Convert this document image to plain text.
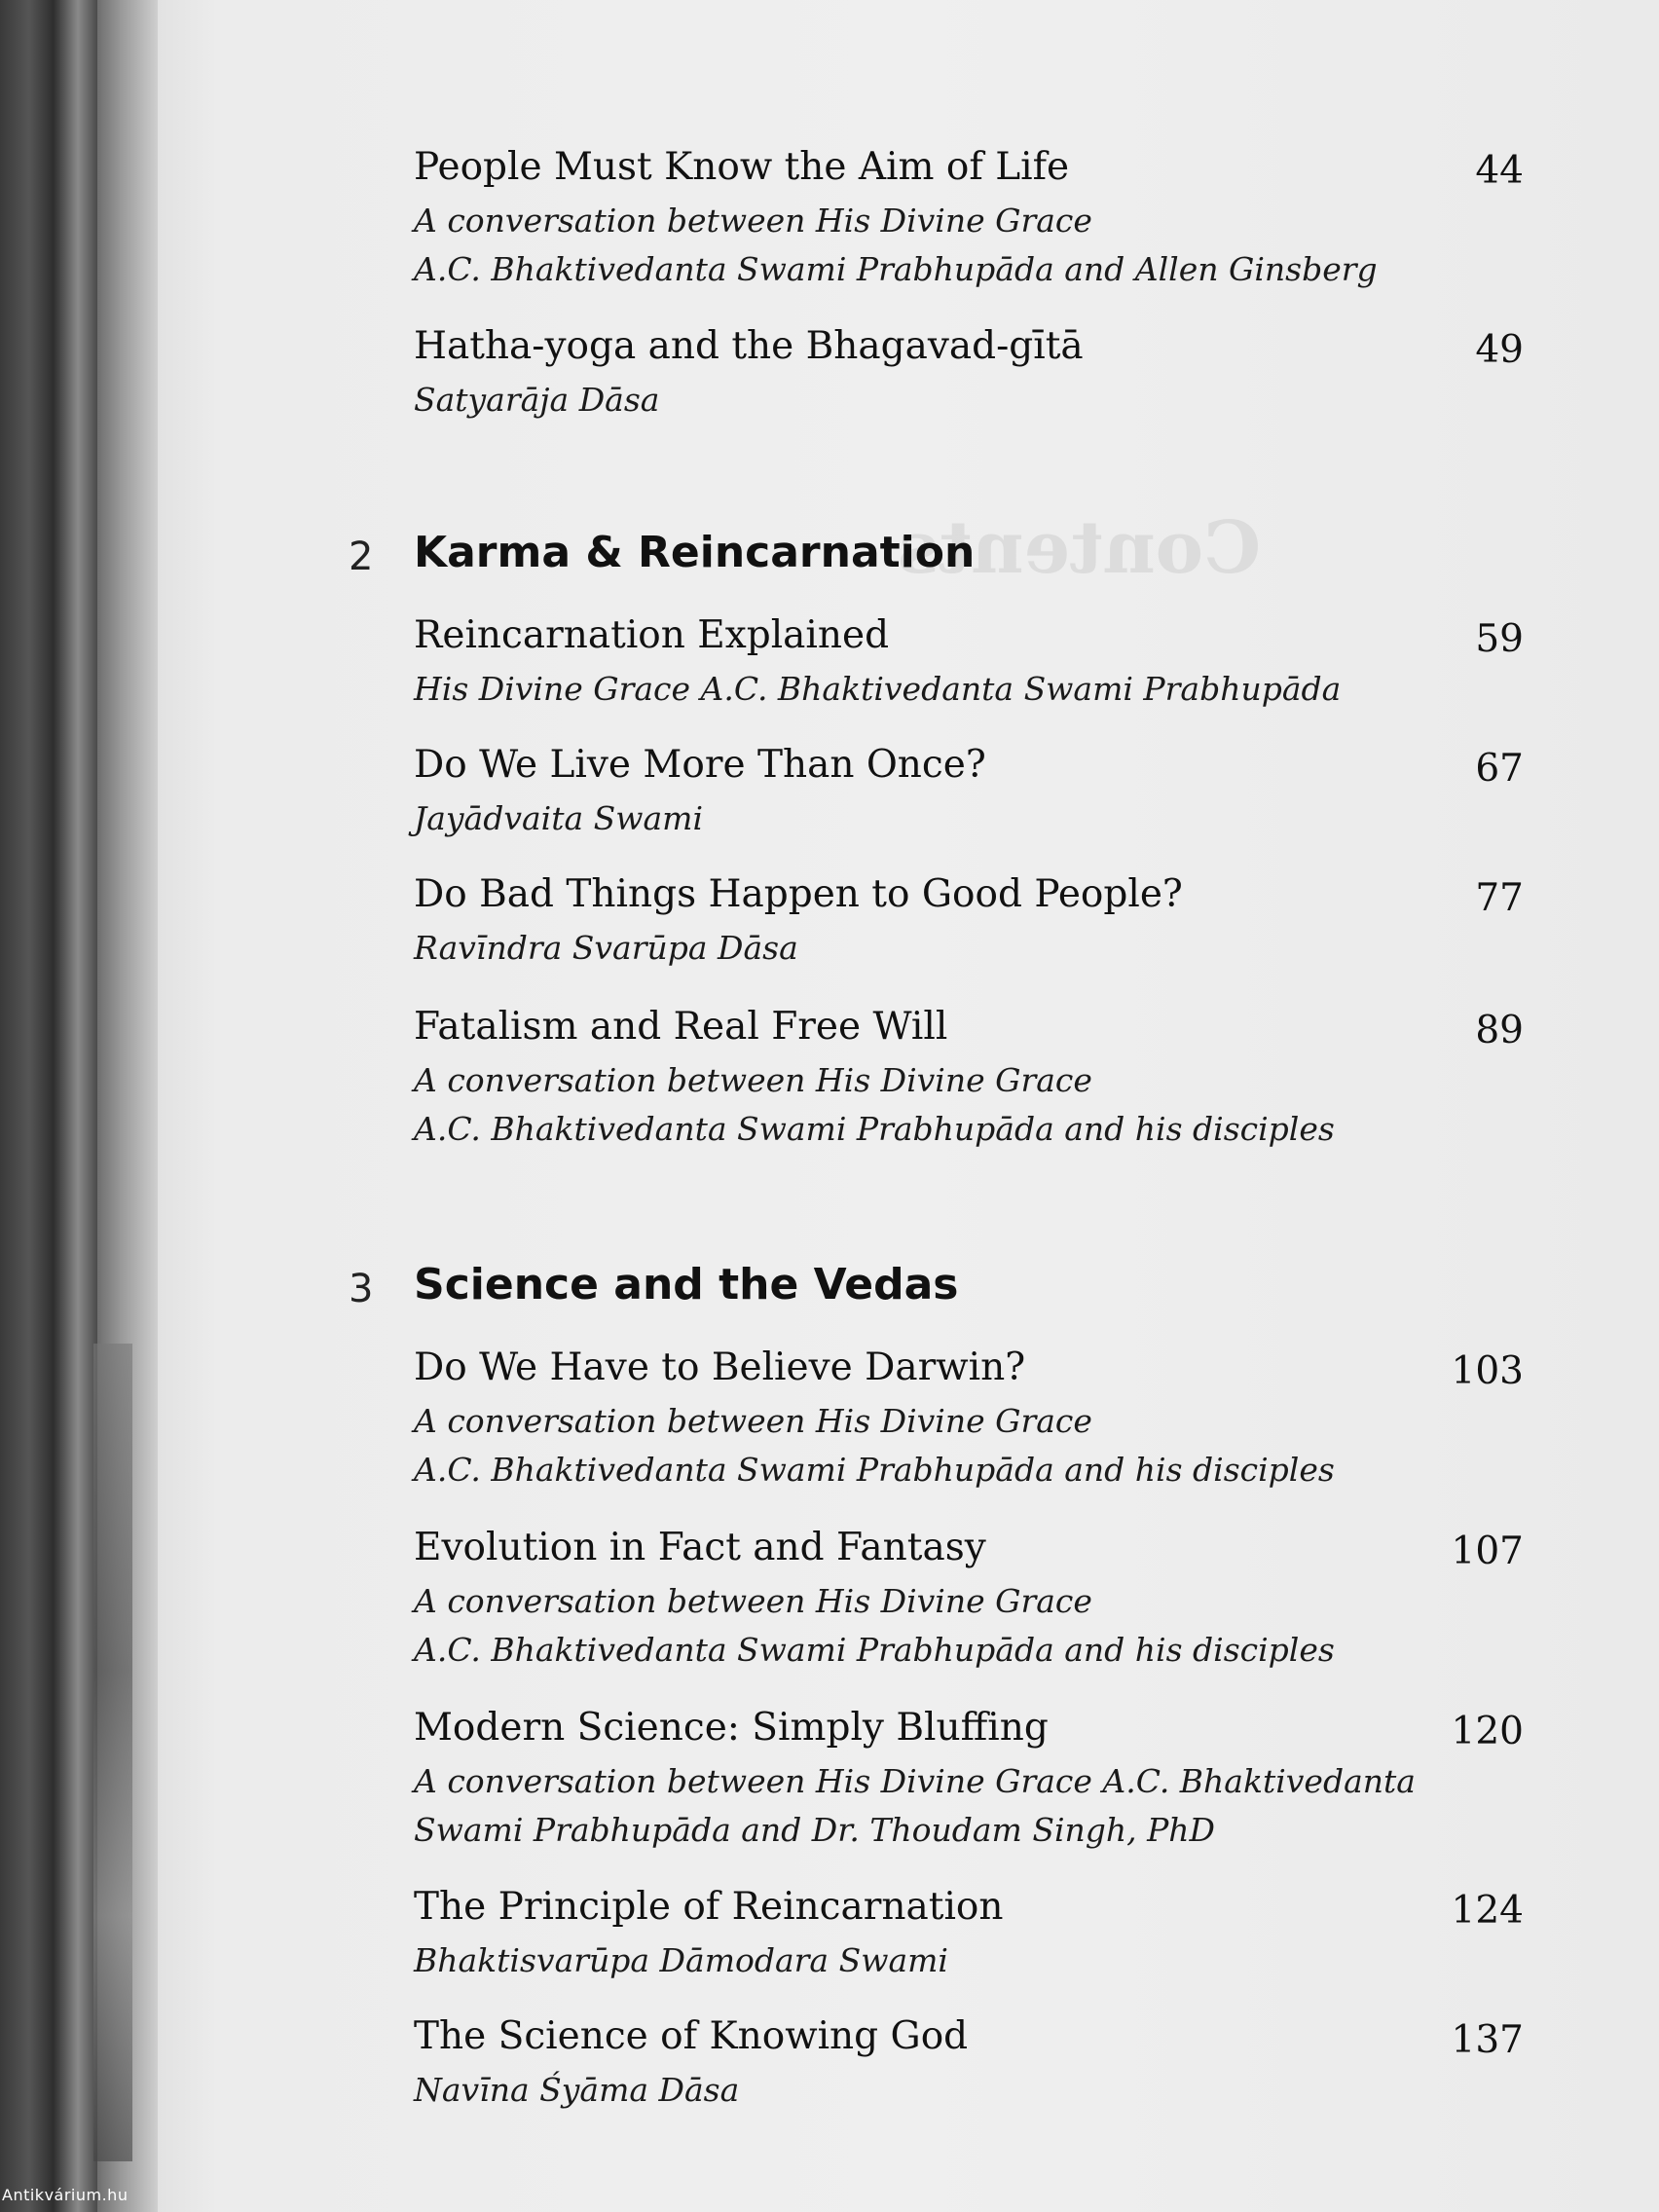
Contents
People Must Know the Aim of Life	44
A conversation between His Divine Grace
A.C. Bhaktivedanta Swami Prabhupāda and Allen Ginsberg
Hatha-yoga and the Bhagavad-gītā	49
Satyarāja Dāsa
2 Karma & Reincarnation
Reincarnation Explained	59
His Divine Grace A.C. Bhaktivedanta Swami Prabhupāda
Do We Live More Than Once?	67
Jayādvaita Swami
Do Bad Things Happen to Good People?	77
Ravīndra Svarūpa Dāsa
Fatalism and Real Free Will	89
A conversation between His Divine Grace
A.C. Bhaktivedanta Swami Prabhupāda and his disciples
3 Science and the Vedas
Do We Have to Believe Darwin?	103
A conversation between His Divine Grace
A.C. Bhaktivedanta Swami Prabhupāda and his disciples
Evolution in Fact and Fantasy	107
A conversation between His Divine Grace
A.C. Bhaktivedanta Swami Prabhupāda and his disciples
Modern Science: Simply Bluffing	120
A conversation between His Divine Grace A.C. Bhaktivedanta
Swami Prabhupāda and Dr. Thoudam Singh, PhD
The Principle of Reincarnation	124
Bhaktisvarūpa Dāmodara Swami
The Science of Knowing God	137
Navīna Śyāma Dāsa
Antikvárium.hu
